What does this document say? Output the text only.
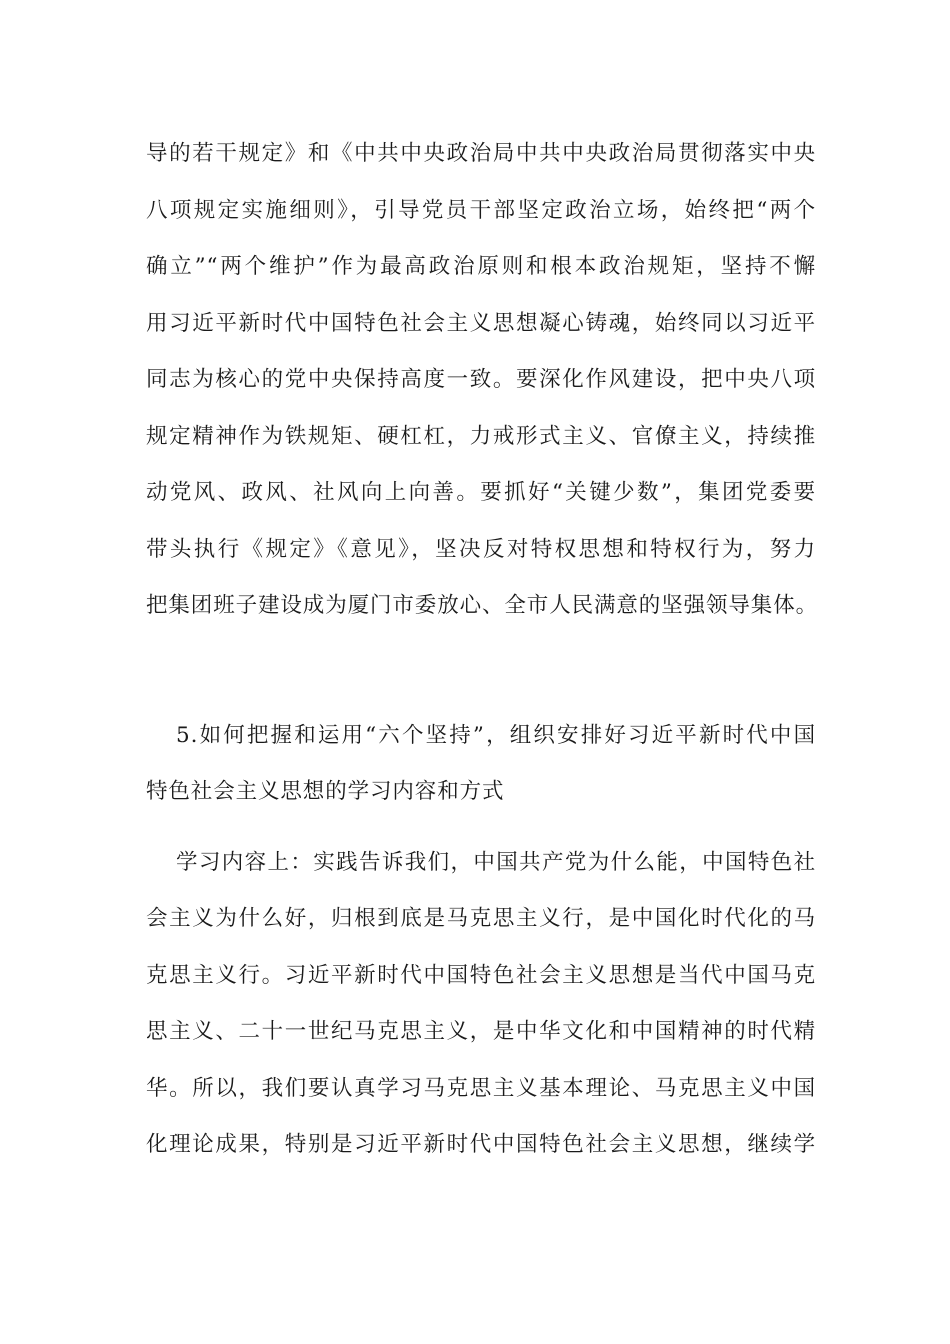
导的若干规定》和《中共中央政治局中共中央政治局贯彻落实中央
八项规定实施细则》，引导党员干部坚定政治立场，始终把“两个
确立”“两个维护”作为最高政治原则和根本政治规矩，坚持不懈
用习近平新时代中国特色社会主义思想凝心铸魂，始终同以习近平
同志为核心的党中央保持高度一致。要深化作风建设，把中央八项
规定精神作为铁规矩、硬杠杠，力戒形式主义、官僚主义，持续推
动党风、政风、社风向上向善。要抓好“关键少数”，集团党委要
带头执行《规定》《意见》，坚决反对特权思想和特权行为，努力
把集团班子建设成为厦门市委放心、全市人民满意的坚强领导集体。
5.如何把握和运用“六个坚持”，组织安排好习近平新时代中国
特色社会主义思想的学习内容和方式
学习内容上：实践告诉我们，中国共产党为什么能，中国特色社
会主义为什么好，归根到底是马克思主义行，是中国化时代化的马
克思主义行。习近平新时代中国特色社会主义思想是当代中国马克
思主义、二十一世纪马克思主义，是中华文化和中国精神的时代精
华。所以，我们要认真学习马克思主义基本理论、马克思主义中国
化理论成果，特别是习近平新时代中国特色社会主义思想，继续学
